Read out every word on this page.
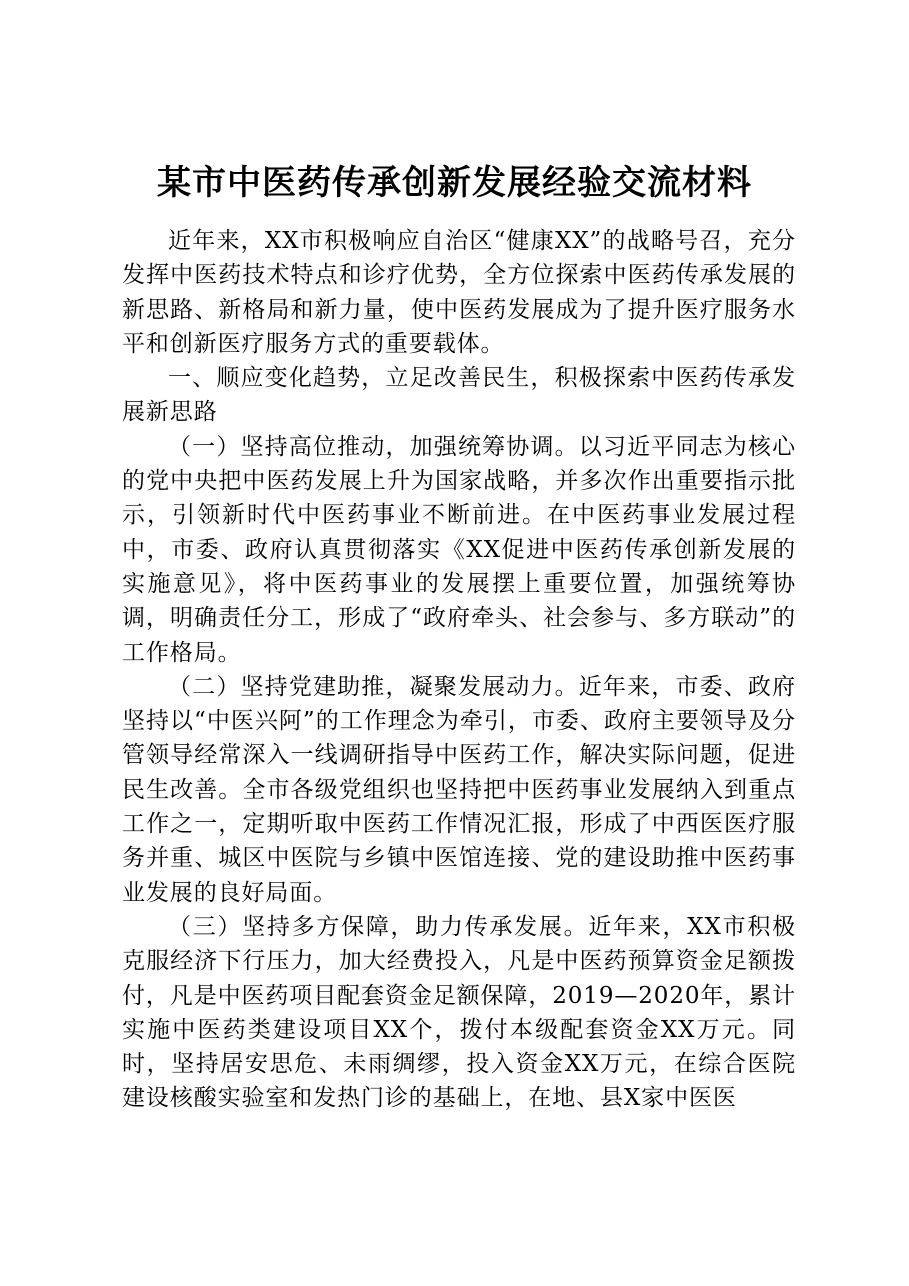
某市中医药传承创新发展经验交流材料

近年来，XX市积极响应自治区“健康XX”的战略号召，充分发挥中医药技术特点和诊疗优势，全方位探索中医药传承发展的新思路、新格局和新力量，使中医药发展成为了提升医疗服务水平和创新医疗服务方式的重要载体。

一、顺应变化趋势，立足改善民生，积极探索中医药传承发展新思路

（一）坚持高位推动，加强统筹协调。以习近平同志为核心的党中央把中医药发展上升为国家战略，并多次作出重要指示批示，引领新时代中医药事业不断前进。在中医药事业发展过程中，市委、政府认真贯彻落实《XX促进中医药传承创新发展的实施意见》，将中医药事业的发展摆上重要位置，加强统筹协调，明确责任分工，形成了“政府牵头、社会参与、多方联动”的工作格局。

（二）坚持党建助推，凝聚发展动力。近年来，市委、政府坚持以“中医兴阿”的工作理念为牵引，市委、政府主要领导及分管领导经常深入一线调研指导中医药工作，解决实际问题，促进民生改善。全市各级党组织也坚持把中医药事业发展纳入到重点工作之一，定期听取中医药工作情况汇报，形成了中西医医疗服务并重、城区中医院与乡镇中医馆连接、党的建设助推中医药事业发展的良好局面。

（三）坚持多方保障，助力传承发展。近年来，XX市积极克服经济下行压力，加大经费投入，凡是中医药预算资金足额拨付，凡是中医药项目配套资金足额保障，2019—2020年，累计实施中医药类建设项目XX个，拨付本级配套资金XX万元。同时，坚持居安思危、未雨绸缪，投入资金XX万元，在综合医院建设核酸实验室和发热门诊的基础上，在地、县X家中医医
